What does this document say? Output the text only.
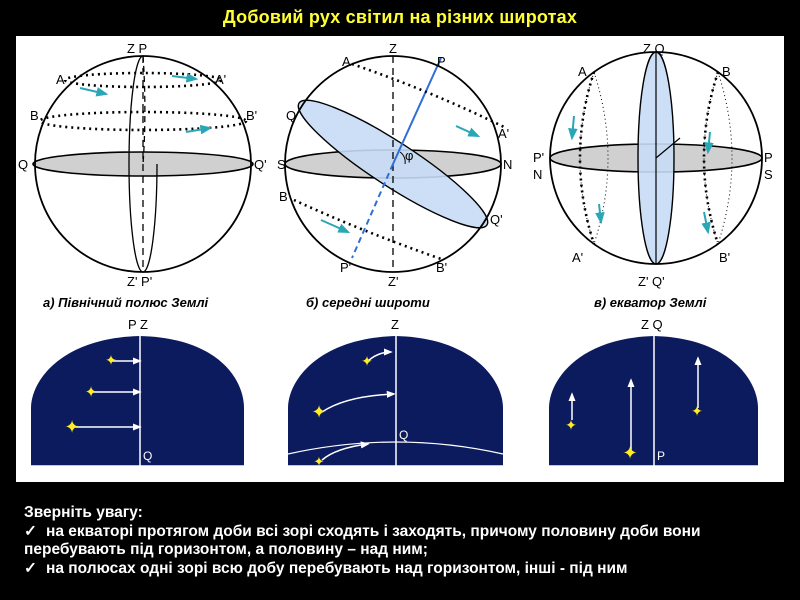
Добовий рух світил на різних широтах
Z P
Z' P'
Q	Q'
A	A'
B	B'
а) Північний полюс Землі
φ
Z
P
A
A'
Q
S	N
Q'
B
B'
P'
Z'
б) середні широти
Z Q
Z' Q'
A	B
P'
N
P
S
A'	B'
в) екватор Землі
✦
✦
✦
P Z
Q
✦
✦
✦
Z
Q
✦
✦
✦
Z Q
P
Зверніть увагу:
✓ на екваторі протягом доби всі зорі сходять і заходять, причому половину доби вони перебувають під горизонтом, а половину – над ним;
✓ на полюсах одні зорі всю добу перебувають над горизонтом, інші - під ним
